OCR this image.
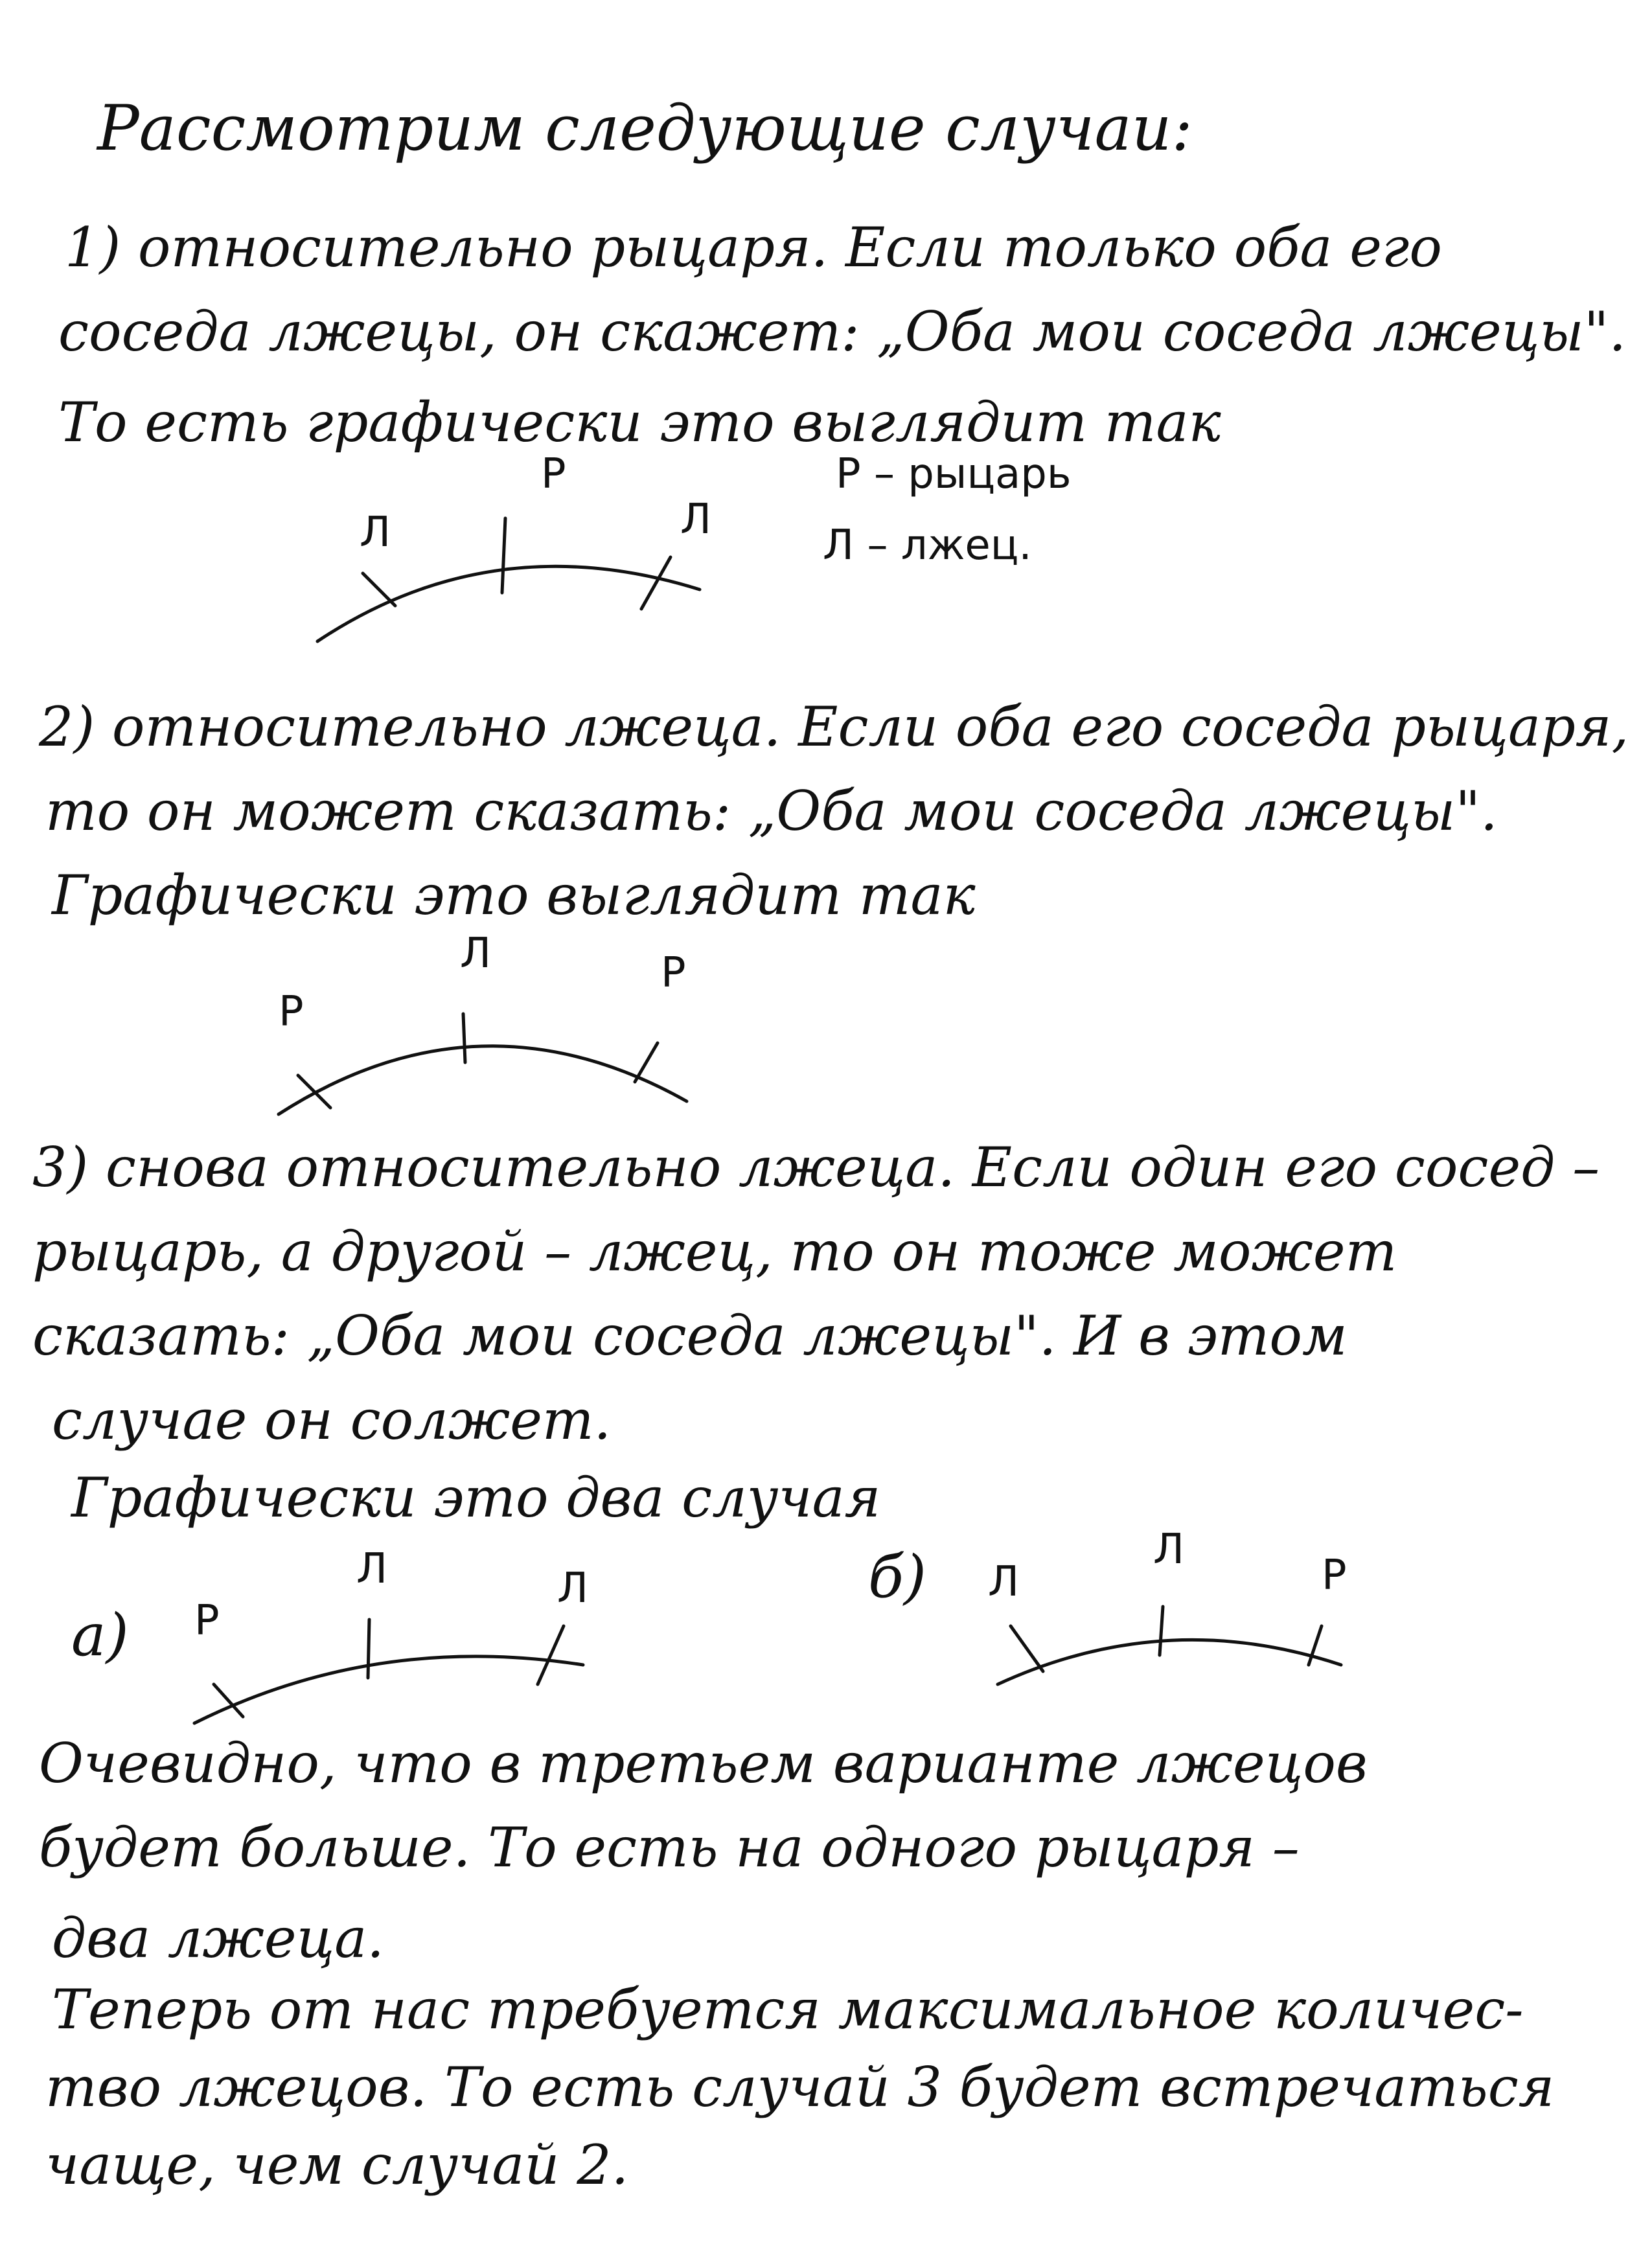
Рассмотрим следующие случаи:
1) относительно рыцаря. Если только оба его
соседа лжецы, он скажет: „Оба мои соседа лжецы".
То есть графически это выглядит так
Р – рыцарь
Л – лжец.
2) относительно лжеца. Если оба его соседа рыцаря,
то он может сказать: „Оба мои соседа лжецы".
Графически это выглядит так
3) снова относительно лжеца. Если один его сосед –
рыцарь, а другой – лжец, то он тоже может
сказать: „Оба мои соседа лжецы". И в этом
случае он солжет.
Графически это два случая
а)
б)
Очевидно, что в третьем варианте лжецов
будет больше. То есть на одного рыцаря –
два лжеца.
Теперь от нас требуется максимальное количес-
тво лжецов. То есть случай 3 будет встречаться
чаще, чем случай 2.
Л
Р
Л
Р
Л	Р
Р
Л	Л	Л
Л
Р
